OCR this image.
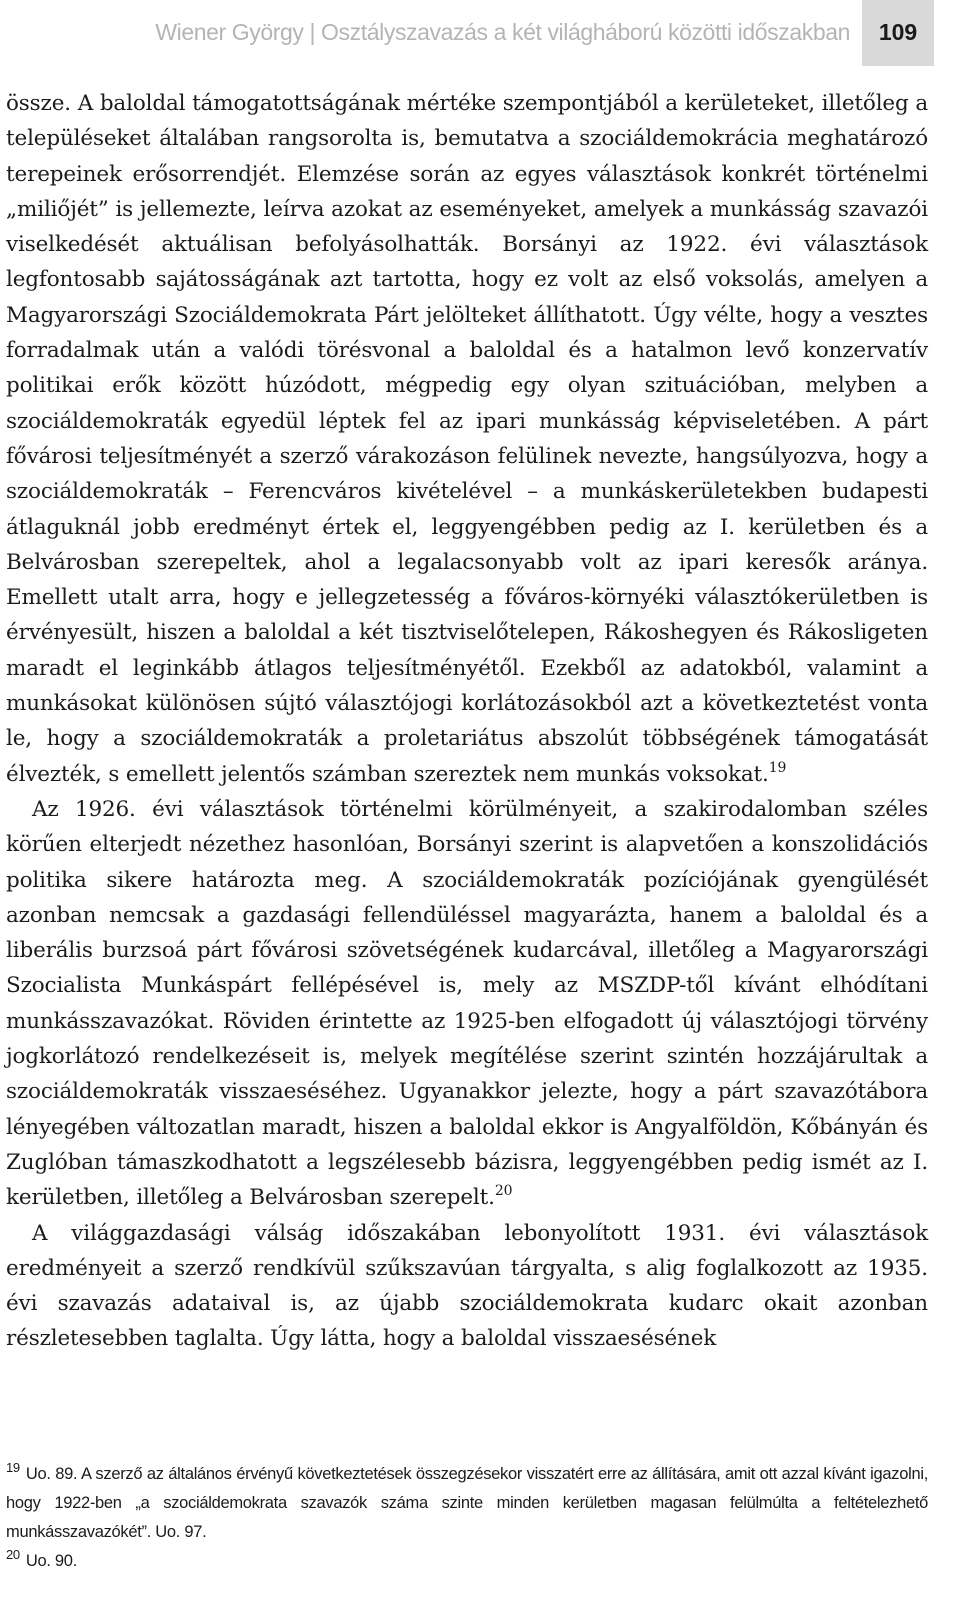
Wiener György | Osztályszavazás a két világháború közötti időszakban	109

össze. A baloldal támogatottságának mértéke szempontjából a kerületeket, illetőleg a településeket általában rangsorolta is, bemutatva a szociáldemokrácia meghatározó terepeinek erősorrendjét. Elemzése során az egyes választások konkrét történelmi „miliőjét” is jellemezte, leírva azokat az eseményeket, amelyek a munkásság szavazói viselkedését aktuálisan befolyásolhatták. Borsányi az 1922. évi választások legfontosabb sajátosságának azt tartotta, hogy ez volt az első voksolás, amelyen a Magyarországi Szociáldemokrata Párt jelölteket állíthatott. Úgy vélte, hogy a vesztes forradalmak után a valódi törésvonal a baloldal és a hatalmon levő konzervatív politikai erők között húzódott, mégpedig egy olyan szituációban, melyben a szociáldemokraták egyedül léptek fel az ipari munkásság képviseletében. A párt fővárosi teljesítményét a szerző várakozáson felülinek nevezte, hangsúlyozva, hogy a szociáldemokraták – Ferencváros kivételével – a munkáskerületekben budapesti átlaguknál jobb eredményt értek el, leggyengébben pedig az I. kerületben és a Belvárosban szerepeltek, ahol a legalacsonyabb volt az ipari keresők aránya. Emellett utalt arra, hogy e jellegzetesség a főváros-környéki választókerületben is érvényesült, hiszen a baloldal a két tisztviselőtelepen, Rákoshegyen és Rákosligeten maradt el leginkább átlagos teljesítményétől. Ezekből az adatokból, valamint a munkásokat különösen sújtó választójogi korlátozásokból azt a következtetést vonta le, hogy a szociáldemokraták a proletariátus abszolút többségének támogatását élvezték, s emellett jelentős számban szereztek nem munkás voksokat.$^{19}$

Az 1926. évi választások történelmi körülményeit, a szakirodalomban széles körűen elterjedt nézethez hasonlóan, Borsányi szerint is alapvetően a konszolidációs politika sikere határozta meg. A szociáldemokraták pozíciójának gyengülését azonban nemcsak a gazdasági fellendüléssel magyarázta, hanem a baloldal és a liberális burzsoá párt fővárosi szövetségének kudarcával, illetőleg a Magyarországi Szocialista Munkáspárt fellépésével is, mely az MSZDP-től kívánt elhódítani munkásszavazókat. Röviden érintette az 1925-ben elfogadott új választójogi törvény jogkorlátozó rendelkezéseit is, melyek megítélése szerint szintén hozzájárultak a szociáldemokraták visszaeséséhez. Ugyanakkor jelezte, hogy a párt szavazótábora lényegében változatlan maradt, hiszen a baloldal ekkor is Angyalföldön, Kőbányán és Zuglóban támaszkodhatott a legszélesebb bázisra, leggyengébben pedig ismét az I. kerületben, illetőleg a Belvárosban szerepelt.$^{20}$

A világgazdasági válság időszakában lebonyolított 1931. évi választások eredményeit a szerző rendkívül szűkszavúan tárgyalta, s alig foglalkozott az 1935. évi szavazás adataival is, az újabb szociáldemokrata kudarc okait azonban részletesebben taglalta. Úgy látta, hogy a baloldal visszaesésének

$^{19}$ Uo. 89. A szerző az általános érvényű következtetések összegzésekor visszatért erre az állítására, amit ott azzal kívánt igazolni, hogy 1922-ben „a szociáldemokrata szavazók száma szinte minden kerületben magasan felülmúlta a feltételezhető munkásszavazókét”. Uo. 97.

$^{20}$ Uo. 90.
